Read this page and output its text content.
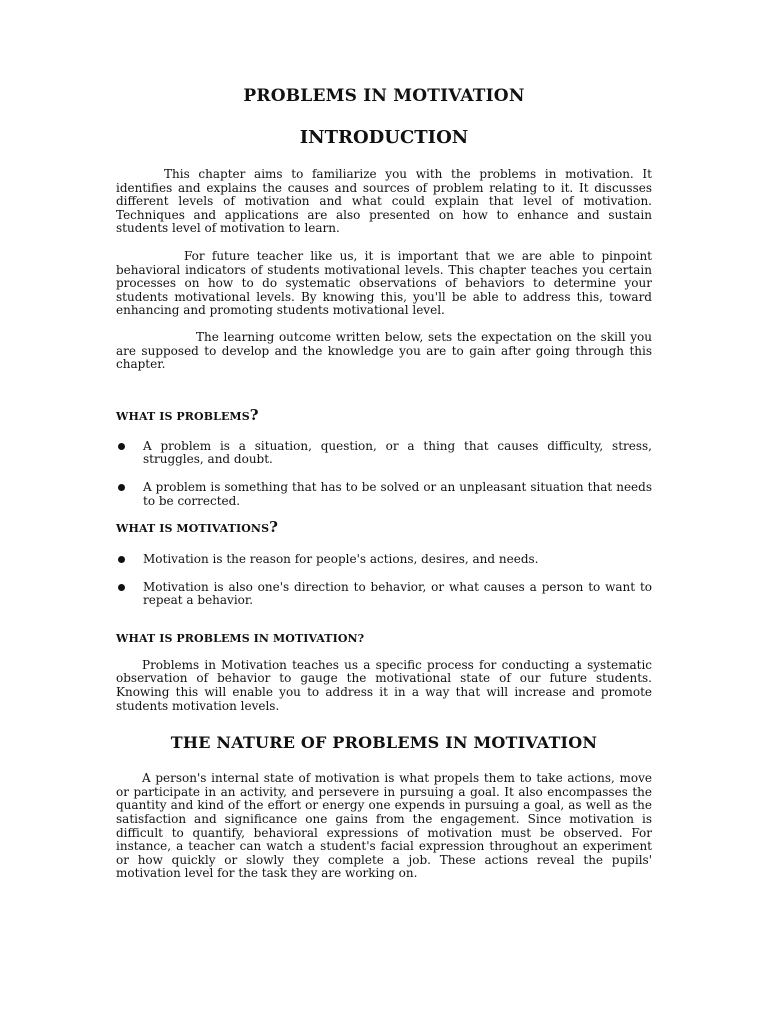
PROBLEMS IN MOTIVATION
INTRODUCTION

This chapter aims to familiarize you with the problems in motivation. It identifies and explains the causes and sources of problem relating to it. It discusses different levels of motivation and what could explain that level of motivation. Techniques and applications are also presented on how to enhance and sustain students level of motivation to learn.

For future teacher like us, it is important that we are able to pinpoint behavioral indicators of students motivational levels. This chapter teaches you certain processes on how to do systematic observations of behaviors to determine your students motivational levels. By knowing this, you'll be able to address this, toward enhancing and promoting students motivational level.

The learning outcome written below, sets the expectation on the skill you are supposed to develop and the knowledge you are to gain after going through this chapter.

WHAT IS PROBLEMS?
A problem is a situation, question, or a thing that causes difficulty, stress, struggles, and doubt.
A problem is something that has to be solved or an unpleasant situation that needs to be corrected.
WHAT IS MOTIVATIONS?
Motivation is the reason for people's actions, desires, and needs.
Motivation is also one's direction to behavior, or what causes a person to want to repeat a behavior.
WHAT IS PROBLEMS IN MOTIVATION?

Problems in Motivation teaches us a specific process for conducting a systematic observation of behavior to gauge the motivational state of our future students. Knowing this will enable you to address it in a way that will increase and promote students motivation levels.

THE NATURE OF PROBLEMS IN MOTIVATION

A person's internal state of motivation is what propels them to take actions, move or participate in an activity, and persevere in pursuing a goal. It also encompasses the quantity and kind of the effort or energy one expends in pursuing a goal, as well as the satisfaction and significance one gains from the engagement. Since motivation is difficult to quantify, behavioral expressions of motivation must be observed. For instance, a teacher can watch a student's facial expression throughout an experiment or how quickly or slowly they complete a job. These actions reveal the pupils' motivation level for the task they are working on.
